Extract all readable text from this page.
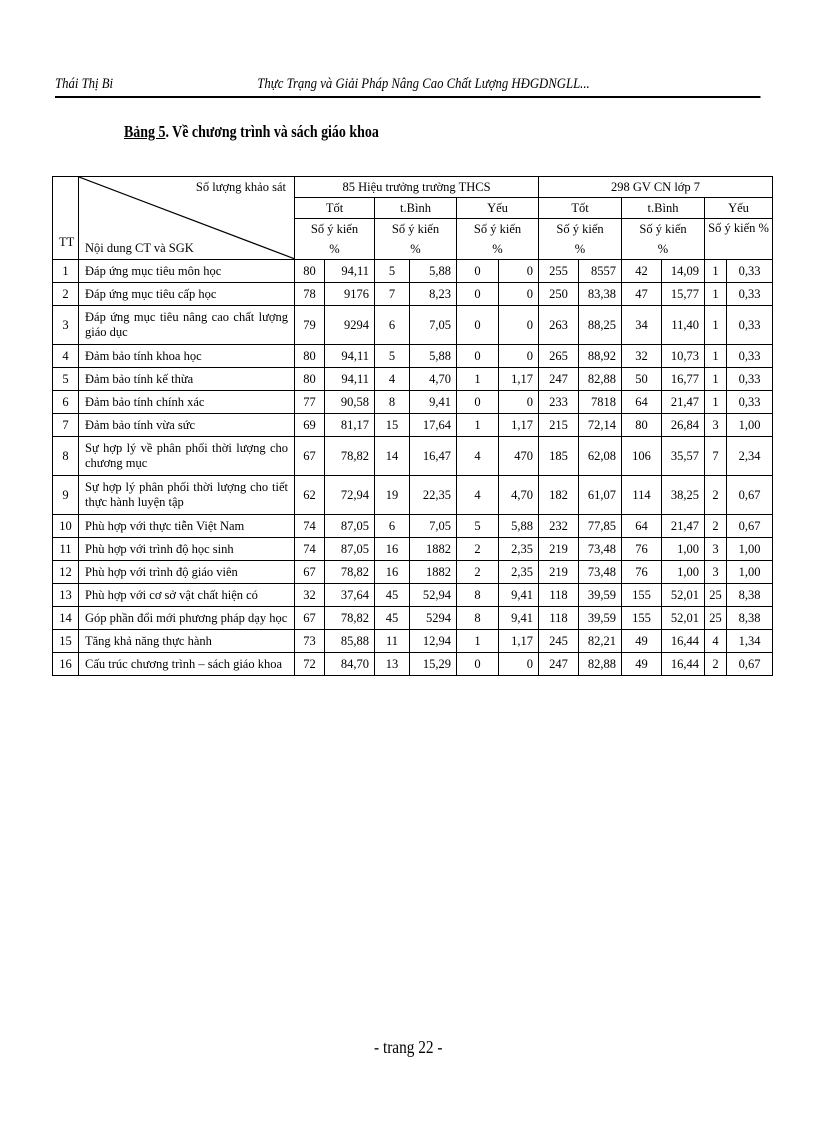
Thái Thị Bi	Thực Trạng và Giải Pháp Nâng Cao Chất Lượng HĐGDNGLL...
Bảng 5. Về chương trình và sách giáo khoa
TT	Số lượng khảo sát
Nội dung CT và SGK	85 Hiệu trưởng trường THCS						298 GV CN lớp 7					
		Tốt		t.Bình		Yếu		Tốt		t.Bình		Yếu	
		Số ý kiến		Số ý kiến		Số ý kiến		Số ý kiến		Số ý kiến		Số ý kiến %	
		%		%		%		%		%			
1	Đáp ứng mục tiêu môn học	80	94,11	5	5,88	0	0	255	8557	42	14,09	1	0,33
2	Đáp ứng mục tiêu cấp học	78	9176	7	8,23	0	0	250	83,38	47	15,77	1	0,33
3	Đáp ứng mục tiêu nâng cao chất lượng giáo dục	79	9294	6	7,05	0	0	263	88,25	34	11,40	1	0,33
4	Đảm bảo tính khoa học	80	94,11	5	5,88	0	0	265	88,92	32	10,73	1	0,33
5	Đảm bảo tính kế thừa	80	94,11	4	4,70	1	1,17	247	82,88	50	16,77	1	0,33
6	Đảm bảo tính chính xác	77	90,58	8	9,41	0	0	233	7818	64	21,47	1	0,33
7	Đảm bảo tính vừa sức	69	81,17	15	17,64	1	1,17	215	72,14	80	26,84	3	1,00
8	Sự hợp lý về phân phối thời lượng cho chương mục	67	78,82	14	16,47	4	470	185	62,08	106	35,57	7	2,34
9	Sự hợp lý phân phối thời lượng cho tiết thực hành luyện tập	62	72,94	19	22,35	4	4,70	182	61,07	114	38,25	2	0,67
10	Phù hợp với thực tiễn Việt Nam	74	87,05	6	7,05	5	5,88	232	77,85	64	21,47	2	0,67
11	Phù hợp với trình độ học sinh	74	87,05	16	1882	2	2,35	219	73,48	76	1,00	3	1,00
12	Phù hợp với trình độ giáo viên	67	78,82	16	1882	2	2,35	219	73,48	76	1,00	3	1,00
13	Phù hợp với cơ sở vật chất hiện có	32	37,64	45	52,94	8	9,41	118	39,59	155	52,01	25	8,38
14	Góp phần đổi mới phương pháp dạy học	67	78,82	45	5294	8	9,41	118	39,59	155	52,01	25	8,38
15	Tăng khả năng thực hành	73	85,88	11	12,94	1	1,17	245	82,21	49	16,44	4	1,34
16	Cấu trúc chương trình – sách giáo khoa	72	84,70	13	15,29	0	0	247	82,88	49	16,44	2	0,67
- trang 22 -
